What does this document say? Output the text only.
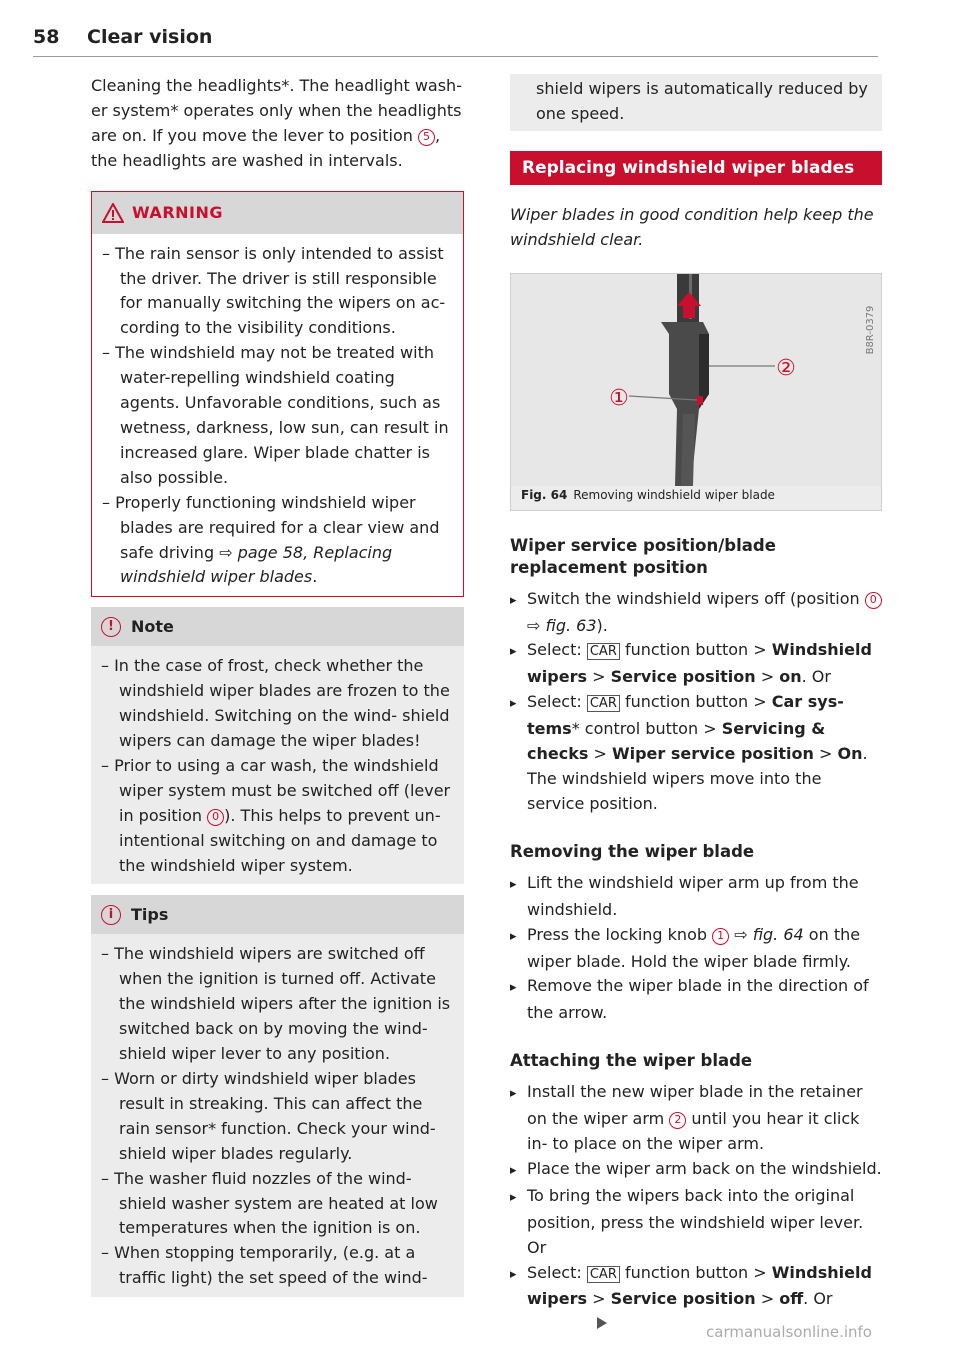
58 Clear vision

Cleaning the headlights*. The headlight wash- er system* operates only when the headlights are on. If you move the lever to position 5 , the headlights are washed in intervals.

WARNING
– The rain sensor is only intended to assist the driver. The driver is still responsible for manually switching the wipers on ac- cording to the visibility conditions.
– The windshield may not be treated with water-repelling windshield coating agents. Unfavorable conditions, such as wetness, darkness, low sun, can result in increased glare. Wiper blade chatter is also possible.
– Properly functioning windshield wiper blades are required for a clear view and safe driving ⇨ page 58, Replacing windshield wiper blades.
!	Note
– In the case of frost, check whether the windshield wiper blades are frozen to the windshield. Switching on the wind- shield wipers can damage the wiper blades!
– Prior to using a car wash, the windshield wiper system must be switched off (lever in position 0 ). This helps to prevent un- intentional switching on and damage to the windshield wiper system.
i	Tips
– The windshield wipers are switched off when the ignition is turned off. Activate the windshield wipers after the ignition is switched back on by moving the wind- shield wiper lever to any position.
– Worn or dirty windshield wiper blades result in streaking. This can affect the rain sensor* function. Check your wind- shield wiper blades regularly.
– The washer fluid nozzles of the wind- shield washer system are heated at low temperatures when the ignition is on.
– When stopping temporarily, (e.g. at a traffic light) the set speed of the wind-

shield wipers is automatically reduced by one speed.

Replacing windshield wiper blades

Wiper blades in good condition help keep the windshield clear.

①
②
B8R-0379
Fig. 64 Removing windshield wiper blade
Wiper service position/blade replacement position
▸ Switch the windshield wipers off (position 0 ⇨ fig. 63).
▸ Select: CAR function button > Windshield wipers > Service position > on. Or
▸ Select: CAR function button > Car sys- tems* control button > Servicing & checks > Wiper service position > On. The windshield wipers move into the service position.
Removing the wiper blade
▸ Lift the windshield wiper arm up from the windshield.
▸ Press the locking knob 1 ⇨ fig. 64 on the wiper blade. Hold the wiper blade firmly.
▸ Remove the wiper blade in the direction of the arrow.
Attaching the wiper blade
▸ Install the new wiper blade in the retainer on the wiper arm 2 until you hear it click in- to place on the wiper arm.
▸ Place the wiper arm back on the windshield.
▸ To bring the wipers back into the original position, press the windshield wiper lever. Or
▸ Select: CAR function button > Windshield wipers > Service position > off. Or
carmanualsonline.info
